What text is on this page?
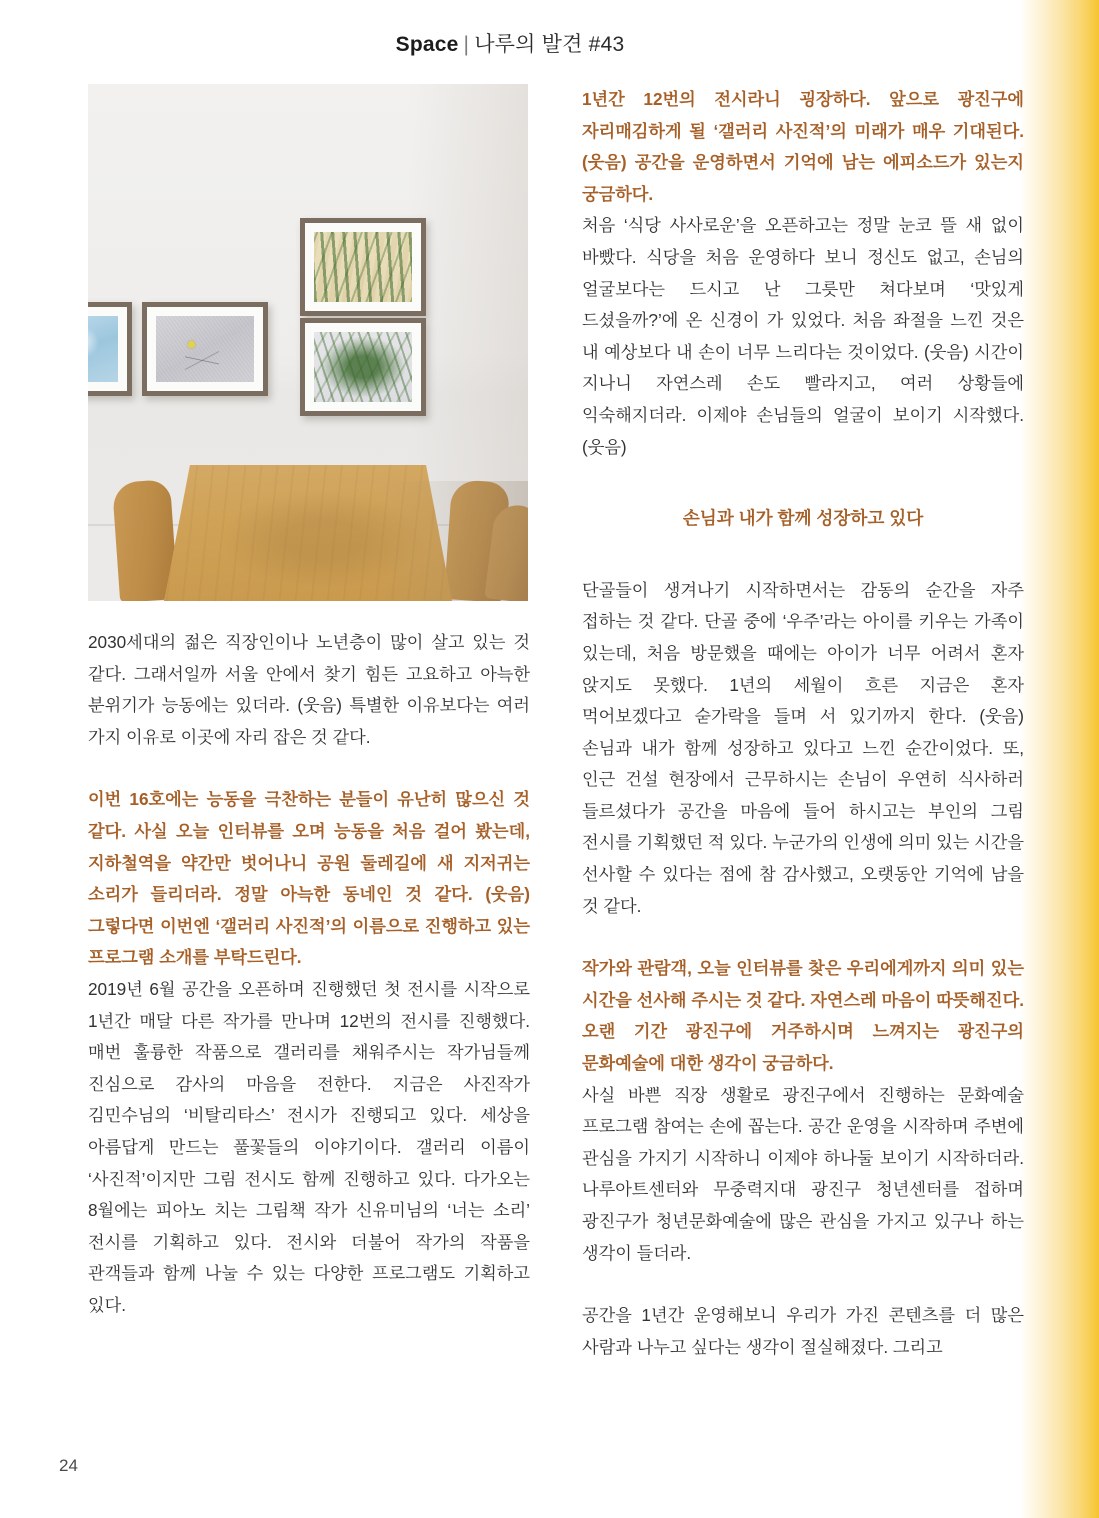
Space | 나루의 발견 #43

2030세대의 젊은 직장인이나 노년층이 많이 살고 있는 것 같다. 그래서일까 서울 안에서 찾기 힘든 고요하고 아늑한 분위기가 능동에는 있더라. (웃음) 특별한 이유보다는 여러 가지 이유로 이곳에 자리 잡은 것 같다.

이번 16호에는 능동을 극찬하는 분들이 유난히 많으신 것 같다. 사실 오늘 인터뷰를 오며 능동을 처음 걸어 봤는데, 지하철역을 약간만 벗어나니 공원 둘레길에 새 지저귀는 소리가 들리더라. 정말 아늑한 동네인 것 같다. (웃음) 그렇다면 이번엔 ‘갤러리 사진적’의 이름으로 진행하고 있는 프로그램 소개를 부탁드린다.

2019년 6월 공간을 오픈하며 진행했던 첫 전시를 시작으로 1년간 매달 다른 작가를 만나며 12번의 전시를 진행했다. 매번 훌륭한 작품으로 갤러리를 채워주시는 작가님들께 진심으로 감사의 마음을 전한다. 지금은 사진작가 김민수님의 ‘비탈리타스’ 전시가 진행되고 있다. 세상을 아름답게 만드는 풀꽃들의 이야기이다. 갤러리 이름이 ‘사진적’이지만 그림 전시도 함께 진행하고 있다. 다가오는 8월에는 피아노 치는 그림책 작가 신유미님의 ‘너는 소리’ 전시를 기획하고 있다. 전시와 더불어 작가의 작품을 관객들과 함께 나눌 수 있는 다양한 프로그램도 기획하고 있다.

1년간 12번의 전시라니 굉장하다. 앞으로 광진구에 자리매김하게 될 ‘갤러리 사진적’의 미래가 매우 기대된다. (웃음) 공간을 운영하면서 기억에 남는 에피소드가 있는지 궁금하다.

처음 ‘식당 사사로운’을 오픈하고는 정말 눈코 뜰 새 없이 바빴다. 식당을 처음 운영하다 보니 정신도 없고, 손님의 얼굴보다는 드시고 난 그릇만 쳐다보며 ‘맛있게 드셨을까?’에 온 신경이 가 있었다. 처음 좌절을 느낀 것은 내 예상보다 내 손이 너무 느리다는 것이었다. (웃음) 시간이 지나니 자연스레 손도 빨라지고, 여러 상황들에 익숙해지더라. 이제야 손님들의 얼굴이 보이기 시작했다. (웃음)

손님과 내가 함께 성장하고 있다

단골들이 생겨나기 시작하면서는 감동의 순간을 자주 접하는 것 같다. 단골 중에 ‘우주’라는 아이를 키우는 가족이 있는데, 처음 방문했을 때에는 아이가 너무 어려서 혼자 앉지도 못했다. 1년의 세월이 흐른 지금은 혼자 먹어보겠다고 숟가락을 들며 서 있기까지 한다. (웃음) 손님과 내가 함께 성장하고 있다고 느낀 순간이었다. 또, 인근 건설 현장에서 근무하시는 손님이 우연히 식사하러 들르셨다가 공간을 마음에 들어 하시고는 부인의 그림 전시를 기획했던 적 있다. 누군가의 인생에 의미 있는 시간을 선사할 수 있다는 점에 참 감사했고, 오랫동안 기억에 남을 것 같다.

작가와 관람객, 오늘 인터뷰를 찾은 우리에게까지 의미 있는 시간을 선사해 주시는 것 같다. 자연스레 마음이 따뜻해진다. 오랜 기간 광진구에 거주하시며 느껴지는 광진구의 문화예술에 대한 생각이 궁금하다.

사실 바쁜 직장 생활로 광진구에서 진행하는 문화예술 프로그램 참여는 손에 꼽는다. 공간 운영을 시작하며 주변에 관심을 가지기 시작하니 이제야 하나둘 보이기 시작하더라. 나루아트센터와 무중력지대 광진구 청년센터를 접하며 광진구가 청년문화예술에 많은 관심을 가지고 있구나 하는 생각이 들더라.

공간을 1년간 운영해보니 우리가 가진 콘텐츠를 더 많은 사람과 나누고 싶다는 생각이 절실해졌다. 그리고

24
